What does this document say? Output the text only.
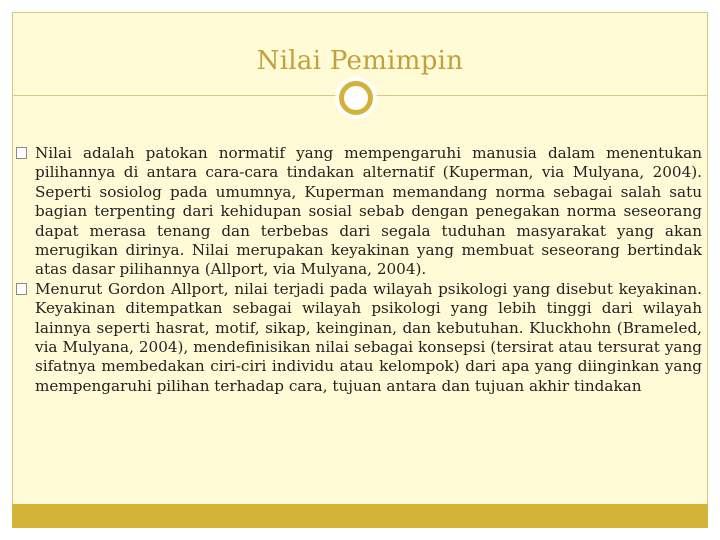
Nilai Pemimpin
Nilai adalah patokan normatif yang mempengaruhi manusia dalam menentukan pilihannya di antara cara-cara tindakan alternatif (Kuperman, via Mulyana, 2004). Seperti sosiolog pada umumnya, Kuperman memandang norma sebagai salah satu bagian terpenting dari kehidupan sosial sebab dengan penegakan norma seseorang dapat merasa tenang dan terbebas dari segala tuduhan masyarakat yang akan merugikan dirinya. Nilai merupakan keyakinan yang membuat seseorang bertindak atas dasar pilihannya (Allport, via Mulyana, 2004).
Menurut Gordon Allport, nilai terjadi pada wilayah psikologi yang disebut keyakinan. Keyakinan ditempatkan sebagai wilayah psikologi yang lebih tinggi dari wilayah lainnya seperti hasrat, motif, sikap, keinginan, dan kebutuhan. Kluckhohn (Brameled, via Mulyana, 2004), mendefinisikan nilai sebagai konsepsi (tersirat atau tersurat yang sifatnya membedakan ciri-ciri individu atau kelompok) dari apa yang diinginkan yang mempengaruhi pilihan terhadap cara, tujuan antara dan tujuan akhir tindakan
